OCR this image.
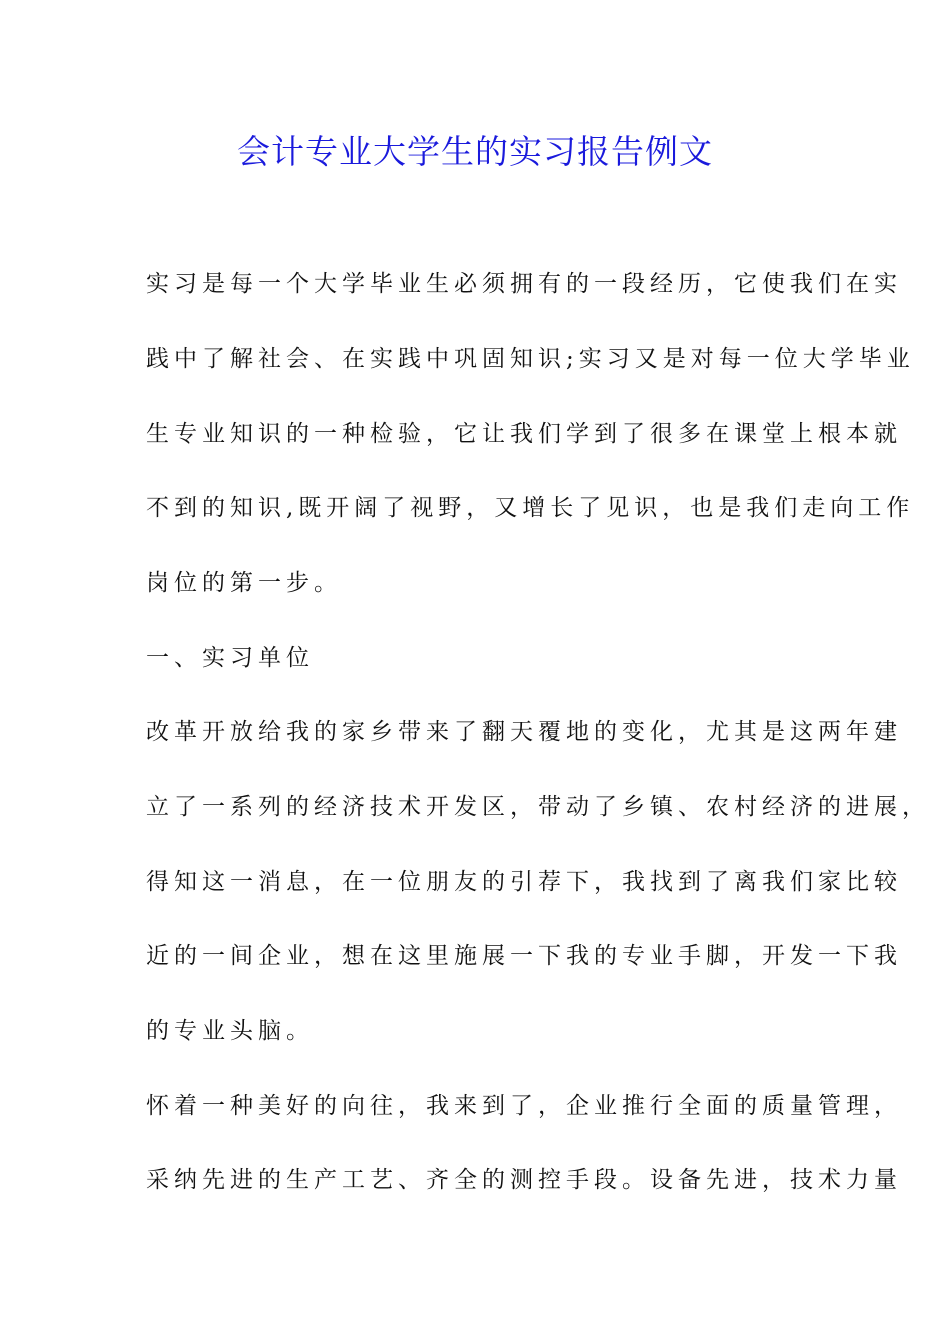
会计专业大学生的实习报告例文
实习是每一个大学毕业生必须拥有的一段经历，它使我们在实
践中了解社会、在实践中巩固知识;实习又是对每一位大学毕业
生专业知识的一种检验，它让我们学到了很多在课堂上根本就
不到的知识,既开阔了视野，又增长了见识，也是我们走向工作
岗位的第一步。
一、实习单位
改革开放给我的家乡带来了翻天覆地的变化，尤其是这两年建
立了一系列的经济技术开发区，带动了乡镇、农村经济的进展，
得知这一消息，在一位朋友的引荐下，我找到了离我们家比较
近的一间企业，想在这里施展一下我的专业手脚，开发一下我
的专业头脑。
怀着一种美好的向往，我来到了，企业推行全面的质量管理，
采纳先进的生产工艺、齐全的测控手段。设备先进，技术力量
